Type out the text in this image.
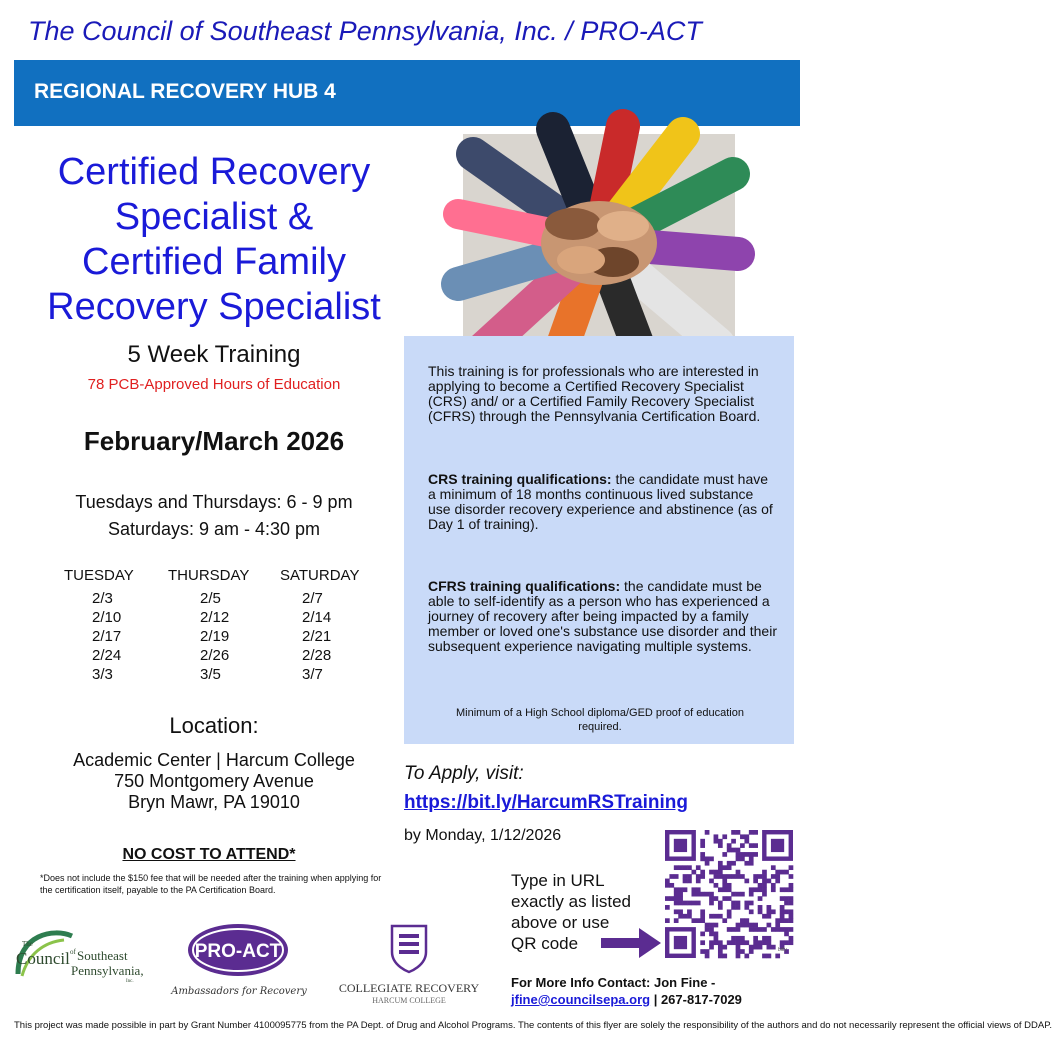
The Council of Southeast Pennsylvania, Inc. / PRO-ACT
REGIONAL RECOVERY HUB 4
Certified Recovery
Specialist &
Certified Family
Recovery Specialist
5 Week Training
78 PCB-Approved Hours of Education
February/March 2026
Tuesdays and Thursdays: 6 - 9 pm
Saturdays: 9 am - 4:30 pm
TUESDAY
2/3
2/10
2/17
2/24
3/3
THURSDAY
2/5
2/12
2/19
2/26
3/5
SATURDAY
2/7
2/14
2/21
2/28
3/7
Location:
Academic Center | Harcum College
750 Montgomery Avenue
Bryn Mawr, PA 19010
NO COST TO ATTEND*
*Does not include the $150 fee that will be needed after the training when applying for the certification itself, payable to the PA Certification Board.
This training is for professionals who are interested in applying to become a Certified Recovery Specialist (CRS) and/ or a Certified Family Recovery Specialist (CFRS) through the Pennsylvania Certification Board.
CRS training qualifications: the candidate must have a minimum of 18 months continuous lived substance use disorder recovery experience and abstinence (as of Day 1 of training).
CFRS training qualifications: the candidate must be able to self-identify as a person who has experienced a journey of recovery after being impacted by a family member or loved one's substance use disorder and their subsequent experience navigating multiple systems.
Minimum of a High School diploma/GED proof of education required.
To Apply, visit:
https://bit.ly/HarcumRSTraining
by Monday, 1/12/2026
Type in URL
exactly as listed
above or use
QR code	bitly
For More Info Contact: Jon Fine -
jfine@councilsepa.org | 267-817-7029
The
Council of Southeast
Pennsylvania,
Inc.
PRO-ACT
Ambassadors for Recovery	COLLEGIATE RECOVERY
HARCUM COLLEGE
This project was made possible in part by Grant Number 4100095775 from the PA Dept. of Drug and Alcohol Programs. The contents of this flyer are solely the responsibility of the authors and do not necessarily represent the official views of DDAP.
